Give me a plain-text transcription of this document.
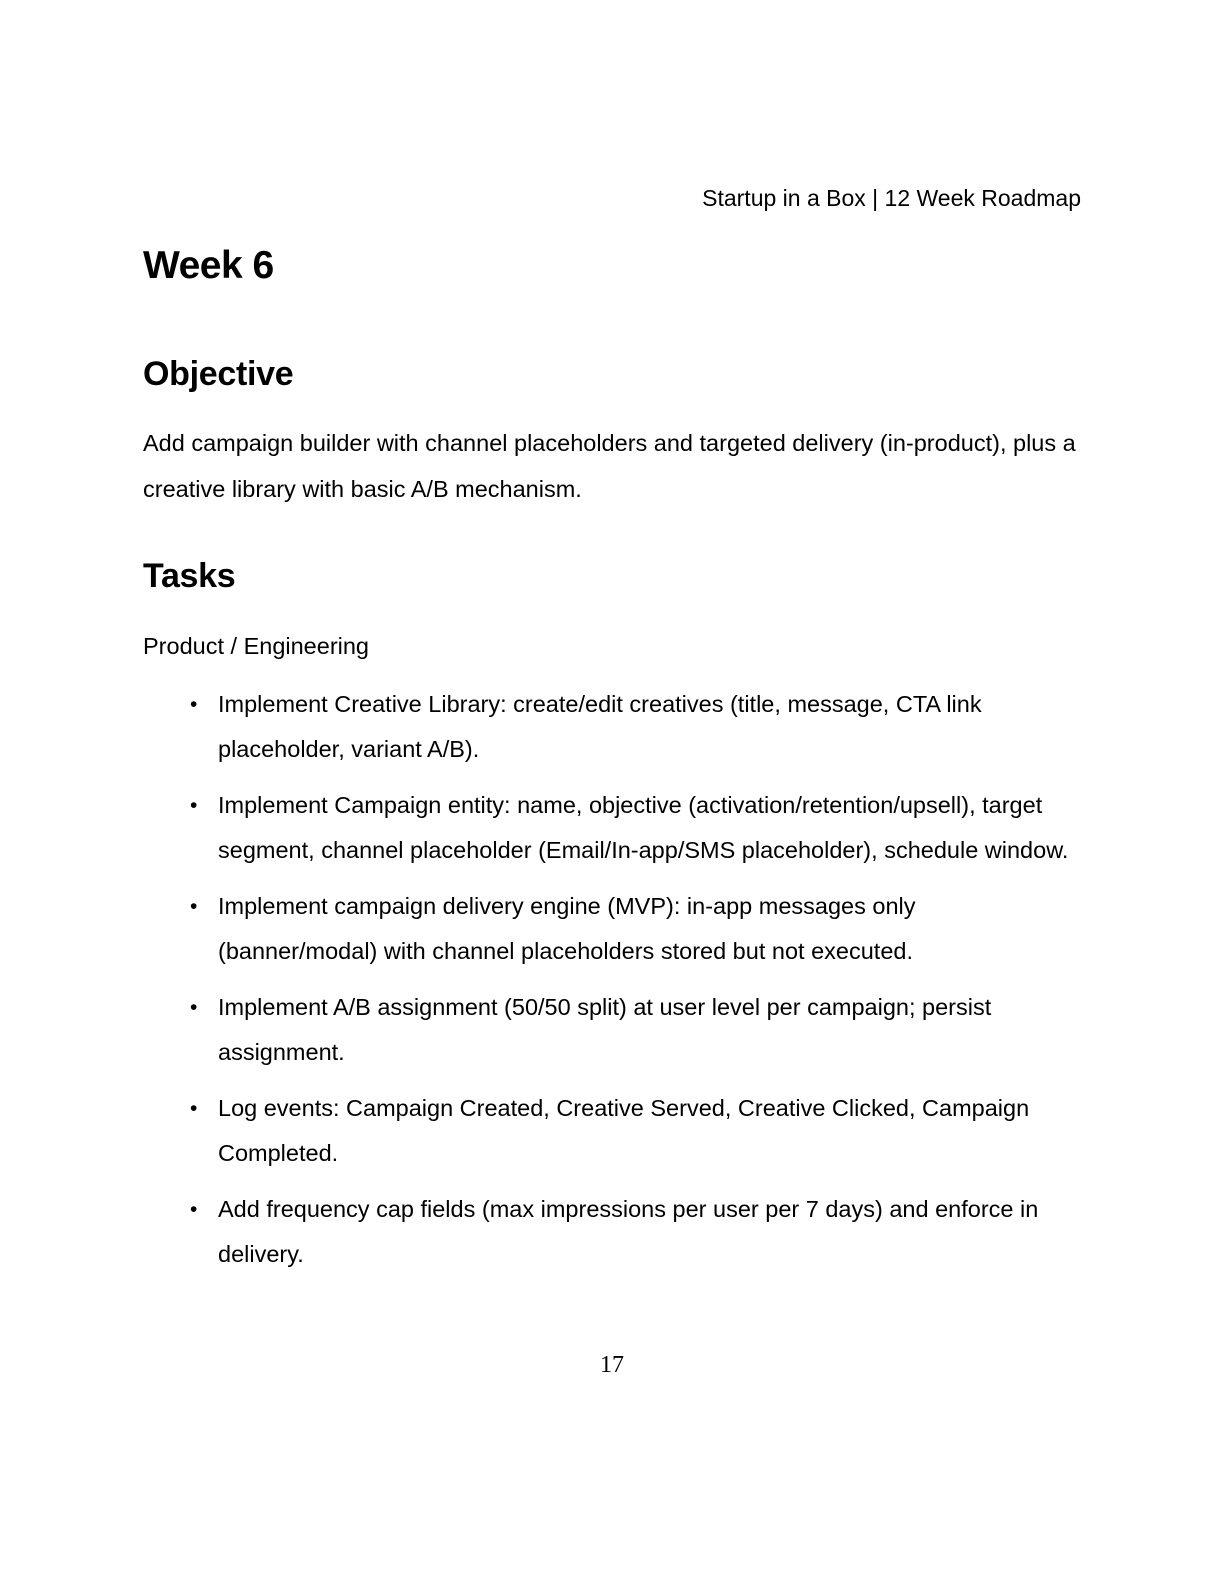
Startup in a Box | 12 Week Roadmap
Week 6
Objective

Add campaign builder with channel placeholders and targeted delivery (in-product), plus a creative library with basic A/B mechanism.

Tasks

Product / Engineering

• Implement Creative Library: create/edit creatives (title, message, CTA link placeholder, variant A/B).
• Implement Campaign entity: name, objective (activation/retention/upsell), target segment, channel placeholder (Email/In-app/SMS placeholder), schedule window.
• Implement campaign delivery engine (MVP): in-app messages only (banner/modal) with channel placeholders stored but not executed.
• Implement A/B assignment (50/50 split) at user level per campaign; persist assignment.
• Log events: Campaign Created, Creative Served, Creative Clicked, Campaign Completed.
• Add frequency cap fields (max impressions per user per 7 days) and enforce in delivery.
17
